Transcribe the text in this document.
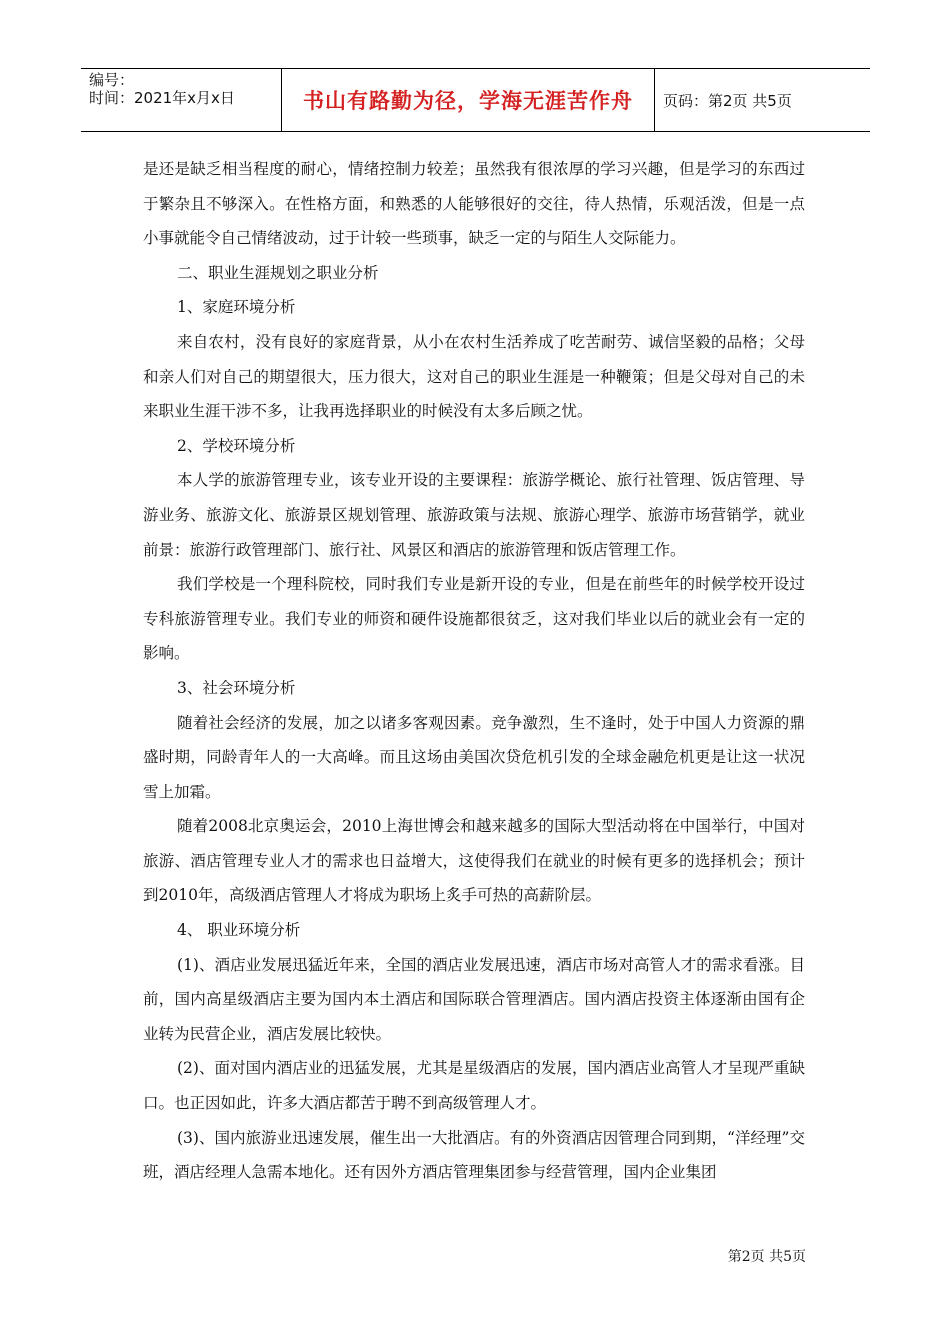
编号：
时间：2021年x月x日	书山有路勤为径，学海无涯苦作舟	页码：第2页 共5页

是还是缺乏相当程度的耐心，情绪控制力较差；虽然我有很浓厚的学习兴趣，但是学习的东西过于繁杂且不够深入。在性格方面，和熟悉的人能够很好的交往，待人热情，乐观活泼，但是一点小事就能令自己情绪波动，过于计较一些琐事，缺乏一定的与陌生人交际能力。

二、职业生涯规划之职业分析

1、家庭环境分析

来自农村，没有良好的家庭背景，从小在农村生活养成了吃苦耐劳、诚信坚毅的品格；父母和亲人们对自己的期望很大，压力很大，这对自己的职业生涯是一种鞭策；但是父母对自己的未来职业生涯干涉不多，让我再选择职业的时候没有太多后顾之忧。

2、学校环境分析

本人学的旅游管理专业，该专业开设的主要课程：旅游学概论、旅行社管理、饭店管理、导游业务、旅游文化、旅游景区规划管理、旅游政策与法规、旅游心理学、旅游市场营销学，就业前景：旅游行政管理部门、旅行社、风景区和酒店的旅游管理和饭店管理工作。

我们学校是一个理科院校，同时我们专业是新开设的专业，但是在前些年的时候学校开设过专科旅游管理专业。我们专业的师资和硬件设施都很贫乏，这对我们毕业以后的就业会有一定的影响。

3、社会环境分析

随着社会经济的发展，加之以诸多客观因素。竞争激烈，生不逢时，处于中国人力资源的鼎盛时期，同龄青年人的一大高峰。而且这场由美国次贷危机引发的全球金融危机更是让这一状况雪上加霜。

随着2008北京奥运会，2010上海世博会和越来越多的国际大型活动将在中国举行，中国对旅游、酒店管理专业人才的需求也日益增大，这使得我们在就业的时候有更多的选择机会；预计到2010年，高级酒店管理人才将成为职场上炙手可热的高薪阶层。

4、 职业环境分析

(1)、酒店业发展迅猛近年来，全国的酒店业发展迅速，酒店市场对高管人才的需求看涨。目前，国内高星级酒店主要为国内本土酒店和国际联合管理酒店。国内酒店投资主体逐渐由国有企业转为民营企业，酒店发展比较快。

(2)、面对国内酒店业的迅猛发展，尤其是星级酒店的发展，国内酒店业高管人才呈现严重缺口。也正因如此，许多大酒店都苦于聘不到高级管理人才。

(3)、国内旅游业迅速发展，催生出一大批酒店。有的外资酒店因管理合同到期，“洋经理”交班，酒店经理人急需本地化。还有因外方酒店管理集团参与经营管理，国内企业集团

第2页 共5页
